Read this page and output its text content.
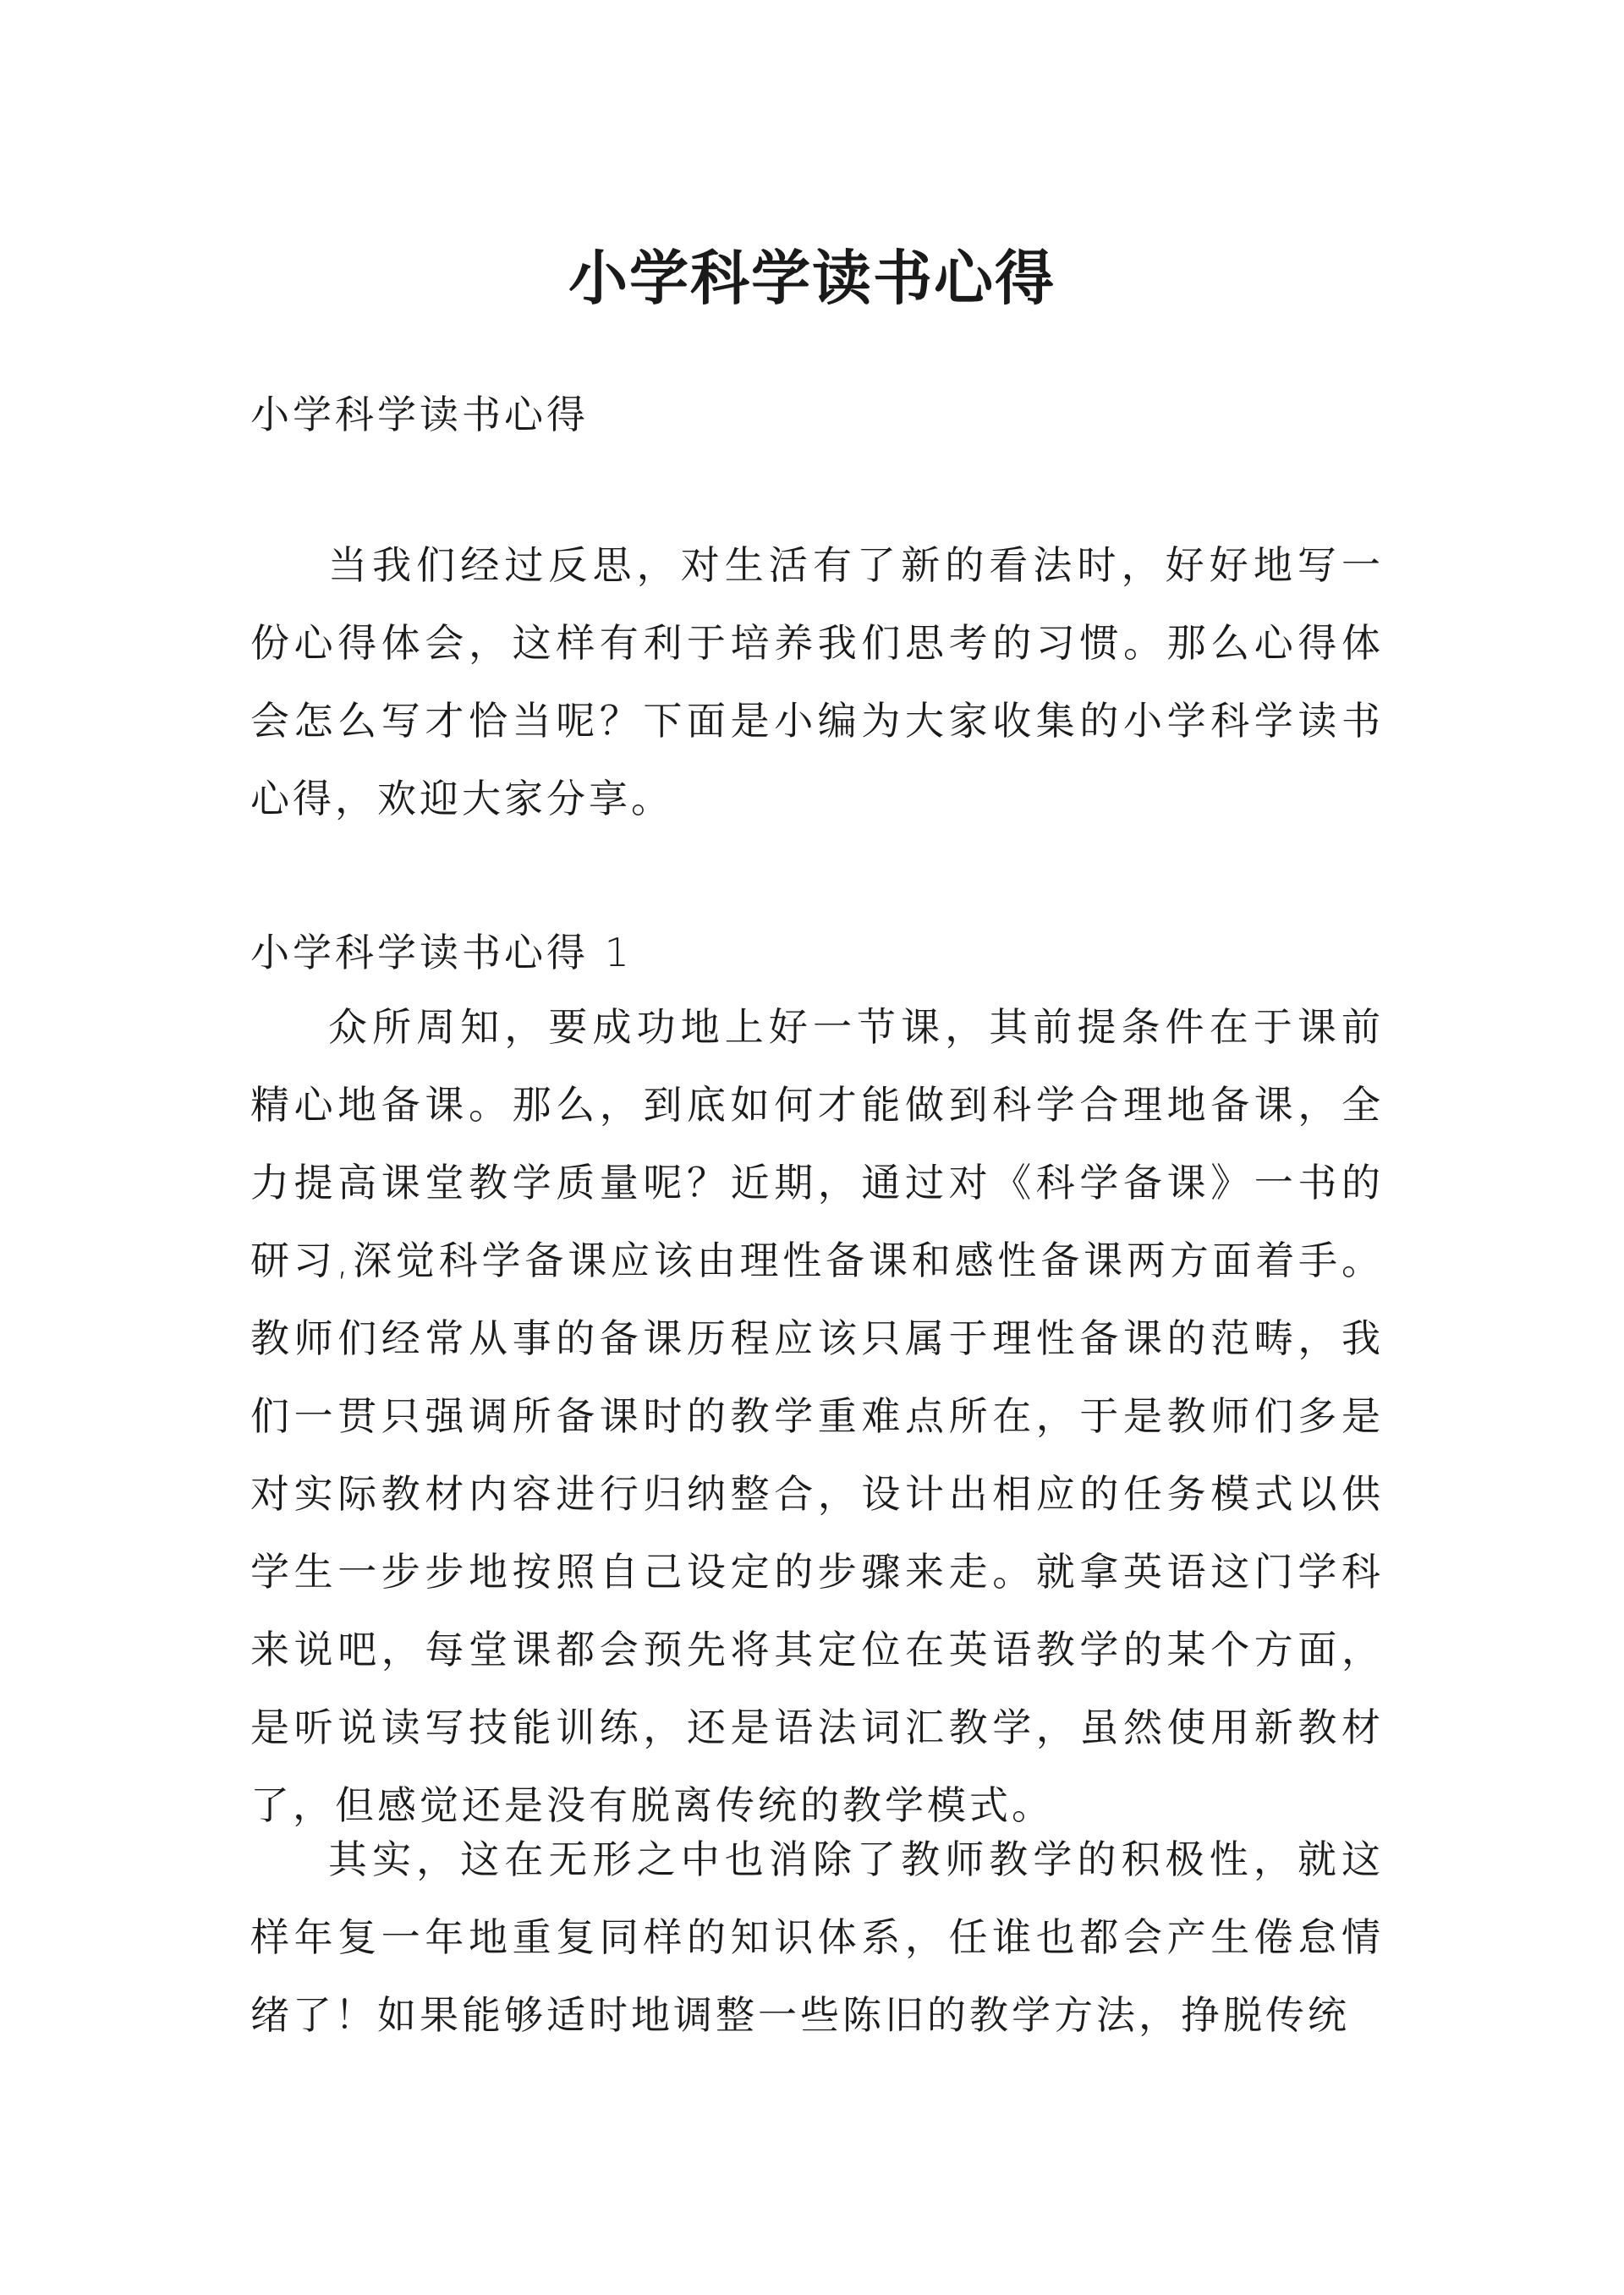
小学科学读书心得

小学科学读书心得

当我们经过反思，对生活有了新的看法时，好好地写一份心得体会，这样有利于培养我们思考的习惯。那么心得体会怎么写才恰当呢？下面是小编为大家收集的小学科学读书心得，欢迎大家分享。

小学科学读书心得 1

众所周知，要成功地上好一节课，其前提条件在于课前精心地备课。那么，到底如何才能做到科学合理地备课，全力提高课堂教学质量呢？近期，通过对《科学备课》一书的研习,深觉科学备课应该由理性备课和感性备课两方面着手。教师们经常从事的备课历程应该只属于理性备课的范畴，我们一贯只强调所备课时的教学重难点所在，于是教师们多是对实际教材内容进行归纳整合，设计出相应的任务模式以供学生一步步地按照自己设定的步骤来走。就拿英语这门学科来说吧，每堂课都会预先将其定位在英语教学的某个方面，是听说读写技能训练，还是语法词汇教学，虽然使用新教材了，但感觉还是没有脱离传统的教学模式。

其实，这在无形之中也消除了教师教学的积极性，就这样年复一年地重复同样的知识体系，任谁也都会产生倦怠情绪了！如果能够适时地调整一些陈旧的教学方法，挣脱传统
